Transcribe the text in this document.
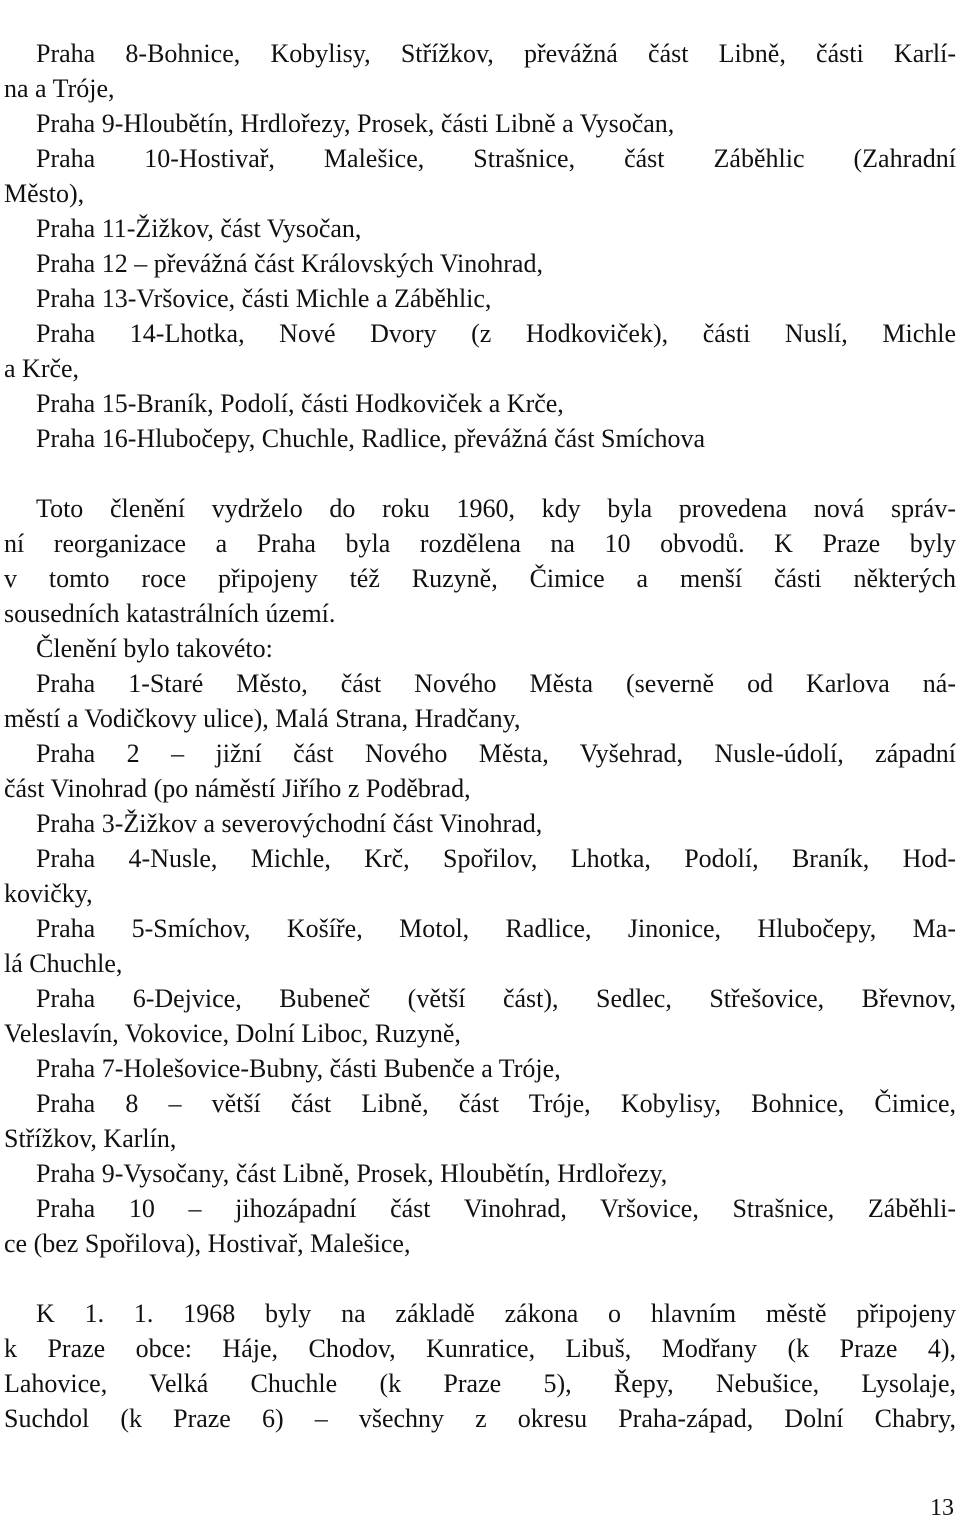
Praha 8-Bohnice, Kobylisy, Střížkov, převážná část Libně, části Karlí-
na a Tróje,
Praha 9-Hloubětín, Hrdlořezy, Prosek, části Libně a Vysočan,
Praha 10-Hostivař, Malešice, Strašnice, část Záběhlic (Zahradní
Město),
Praha 11-Žižkov, část Vysočan,
Praha 12 – převážná část Královských Vinohrad,
Praha 13-Vršovice, části Michle a Záběhlic,
Praha 14-Lhotka, Nové Dvory (z Hodkoviček), části Nuslí, Michle
a Krče,
Praha 15-Braník, Podolí, části Hodkoviček a Krče,
Praha 16-Hlubočepy, Chuchle, Radlice, převážná část Smíchova
Toto členění vydrželo do roku 1960, kdy byla provedena nová správ-
ní reorganizace a Praha byla rozdělena na 10 obvodů. K Praze byly
v tomto roce připojeny též Ruzyně, Čimice a menší části některých
sousedních katastrálních území.
Členění bylo takovéto:
Praha 1-Staré Město, část Nového Města (severně od Karlova ná-
městí a Vodičkovy ulice), Malá Strana, Hradčany,
Praha 2 – jižní část Nového Města, Vyšehrad, Nusle-údolí, západní
část Vinohrad (po náměstí Jiřího z Poděbrad,
Praha 3-Žižkov a severovýchodní část Vinohrad,
Praha 4-Nusle, Michle, Krč, Spořilov, Lhotka, Podolí, Braník, Hod-
kovičky,
Praha 5-Smíchov, Košíře, Motol, Radlice, Jinonice, Hlubočepy, Ma-
lá Chuchle,
Praha 6-Dejvice, Bubeneč (větší část), Sedlec, Střešovice, Břevnov,
Veleslavín, Vokovice, Dolní Liboc, Ruzyně,
Praha 7-Holešovice-Bubny, části Bubenče a Tróje,
Praha 8 – větší část Libně, část Tróje, Kobylisy, Bohnice, Čimice,
Střížkov, Karlín,
Praha 9-Vysočany, část Libně, Prosek, Hloubětín, Hrdlořezy,
Praha 10 – jihozápadní část Vinohrad, Vršovice, Strašnice, Záběhli-
ce (bez Spořilova), Hostivař, Malešice,
K 1. 1. 1968 byly na základě zákona o hlavním městě připojeny
k Praze obce: Háje, Chodov, Kunratice, Libuš, Modřany (k Praze 4),
Lahovice, Velká Chuchle (k Praze 5), Řepy, Nebušice, Lysolaje,
Suchdol (k Praze 6) – všechny z okresu Praha-západ, Dolní Chabry,
13
